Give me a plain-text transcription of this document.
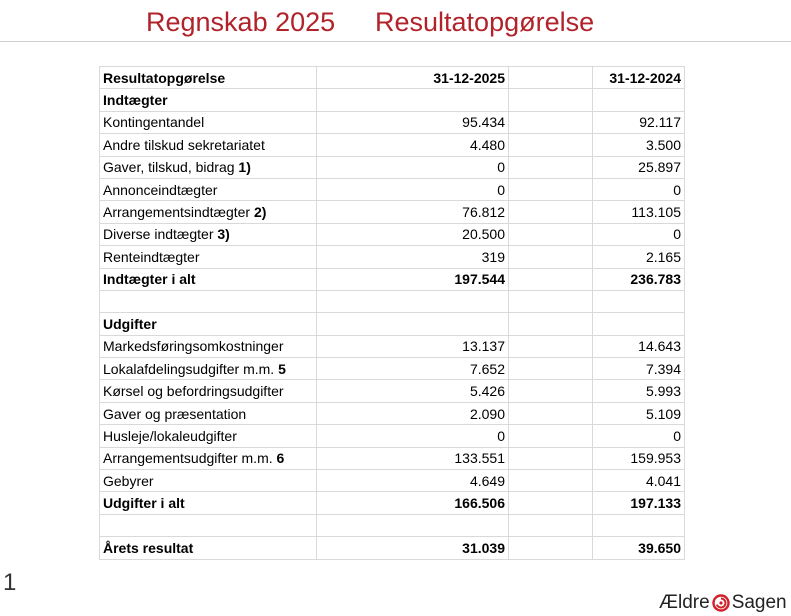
Regnskab 2025 Resultatopgørelse
Resultatopgørelse	31-12-2025		31-12-2024
Indtægter			
Kontingentandel	95.434		92.117
Andre tilskud sekretariatet	4.480		3.500
Gaver, tilskud, bidrag 1)	0		25.897
Annonceindtægter	0		0
Arrangementsindtægter 2)	76.812		113.105
Diverse indtægter 3)	20.500		0
Renteindtægter	319		2.165
Indtægter i alt	197.544		236.783

Udgifter			
Markedsføringsomkostninger	13.137		14.643
Lokalafdelingsudgifter m.m. 5	7.652		7.394
Kørsel og befordringsudgifter	5.426		5.993
Gaver og præsentation	2.090		5.109
Husleje/lokaleudgifter	0		0
Arrangementsudgifter m.m. 6	133.551		159.953
Gebyrer	4.649		4.041
Udgifter i alt	166.506		197.133

Årets resultat	31.039		39.650
1
Ældre Sagen
